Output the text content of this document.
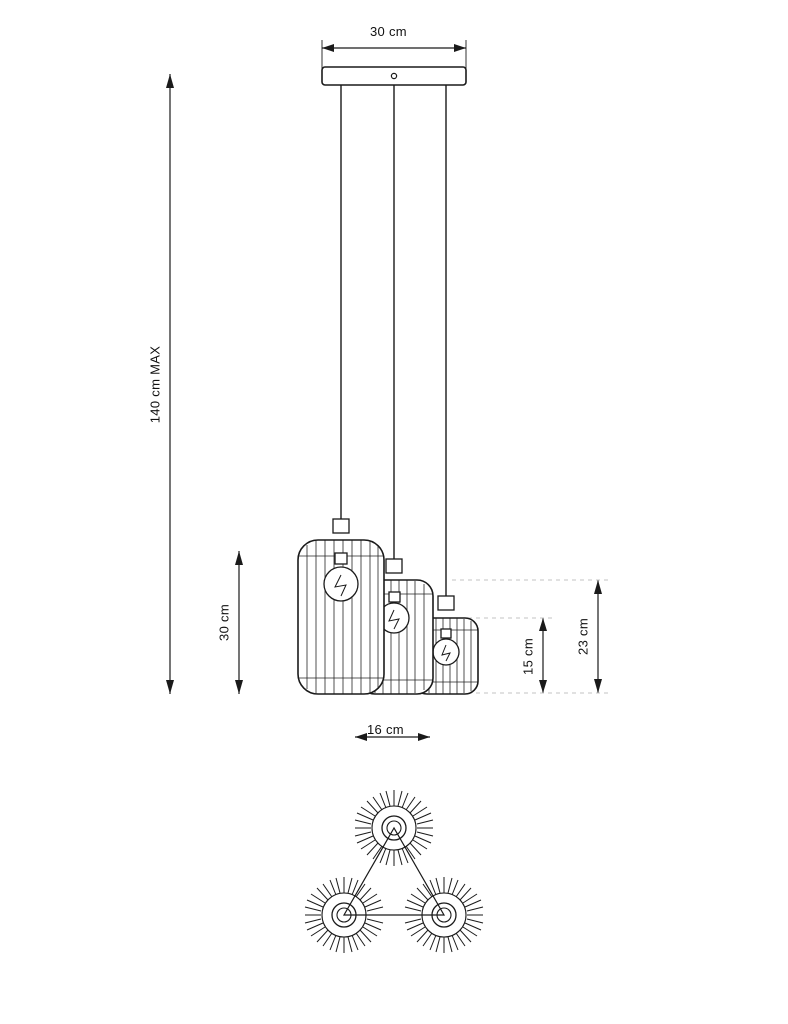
30 cm
140 cm MAX
30 cm
15 cm
23 cm
16 cm
